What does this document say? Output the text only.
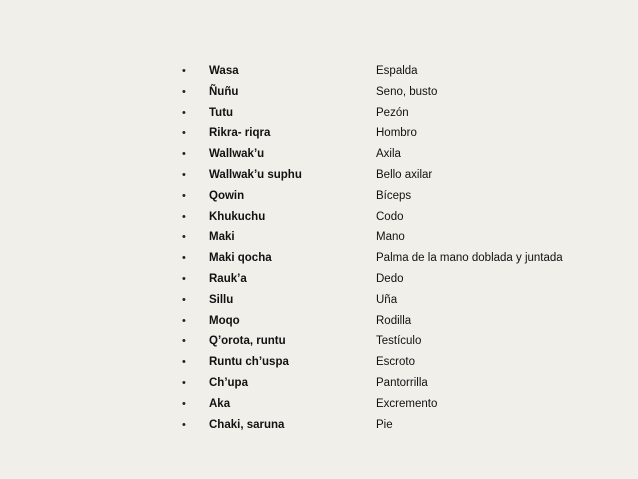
• Wasa	Espalda
• Ñuñu	Seno, busto
• Tutu	Pezón
• Rikra- riqra	Hombro
• Wallwak’u	Axila
• Wallwak’u suphu	Bello axilar
• Qowin	Bíceps
• Khukuchu	Codo
• Maki	Mano
• Maki qocha	Palma de la mano doblada y juntada
• Rauk’a	Dedo
• Sillu	Uña
• Moqo	Rodilla
• Q’orota, runtu	Testículo
• Runtu ch’uspa	Escroto
• Ch’upa	Pantorrilla
• Aka	Excremento
• Chaki, saruna	Pie
